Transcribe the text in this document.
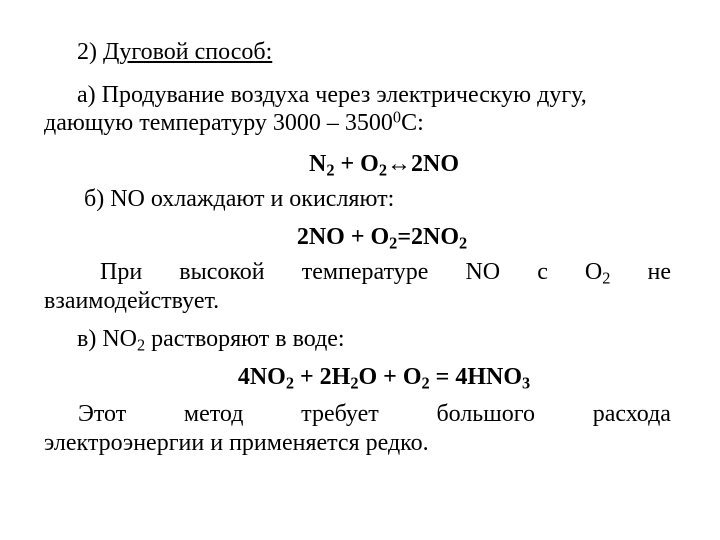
2) Дуговой способ:
а) Продувание воздуха через электрическую дугу,
дающую температуру 3000 – 3500$^0$С:
$N_2$ + $O_2\leftrightarrow 2NO$
б) NO охлаждают и окисляют:
$2NO + O_2=2NO_2$
При высокой температуре NO с $O_2$ не
взаимодействует.
в) $NO_2$ растворяют в воде:
$4NO_2 + 2H_2O + O_2 = 4HNO_3$
Этот метод требует большого расхода
электроэнергии и применяется редко.
